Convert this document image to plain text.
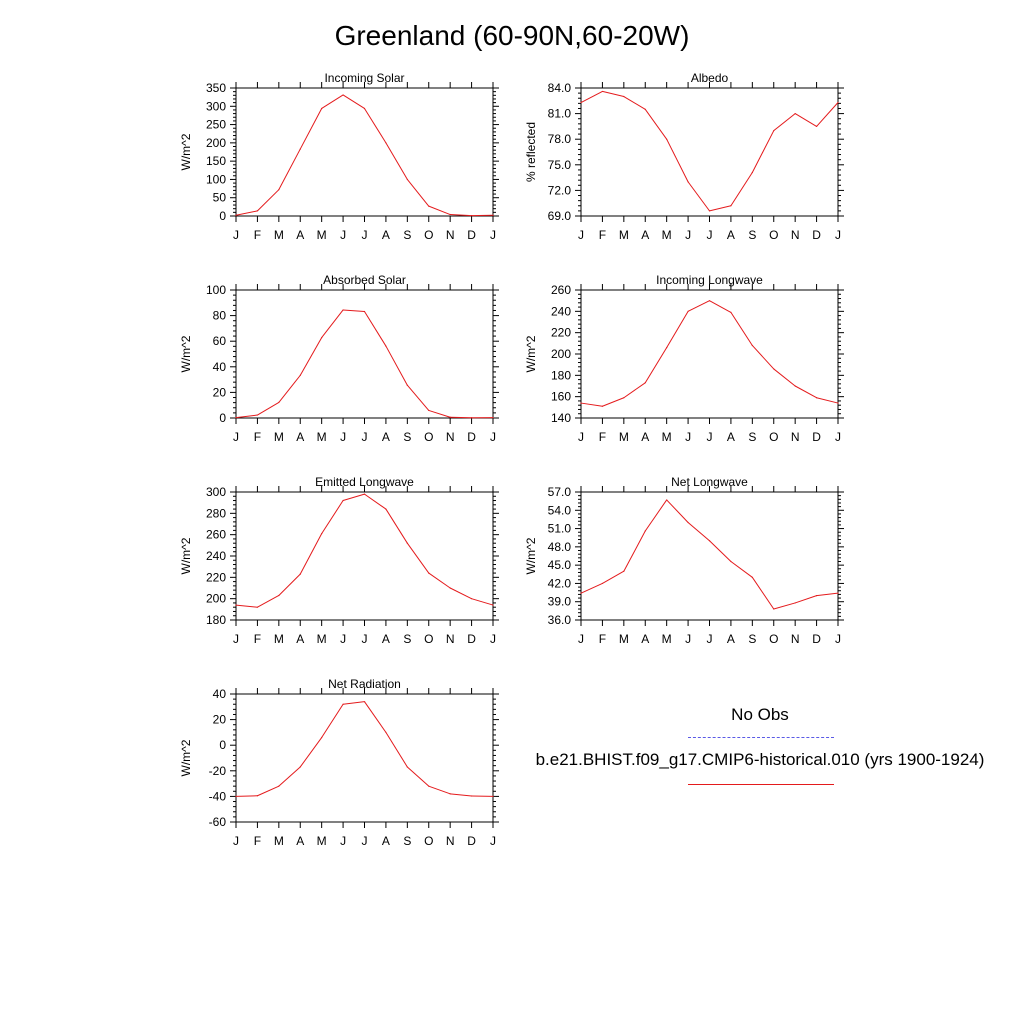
Greenland (60-90N,60-20W)
Incoming Solar
W/m^2
0
50
100
150
200
250
300
350
J F M A M J J A S O N D J
Albedo
% reflected
69.0
72.0
75.0
78.0
81.0
84.0
J F M A M J J A S O N D J
Absorbed Solar
W/m^2
0
20
40
60
80
100
J F M A M J J A S O N D J
Incoming Longwave
W/m^2
140
160
180
200
220
240
260
J F M A M J J A S O N D J
Emitted Longwave
W/m^2
180
200
220
240
260
280
300
J F M A M J J A S O N D J
Net Longwave
W/m^2
36.0
39.0
42.0
45.0
48.0
51.0
54.0
57.0
J F M A M J J A S O N D J
Net Radiation
W/m^2
-60
-40
-20
0
20
40
J F M A M J J A S O N D J
No Obs
b.e21.BHIST.f09_g17.CMIP6-historical.010 (yrs 1900-1924)
